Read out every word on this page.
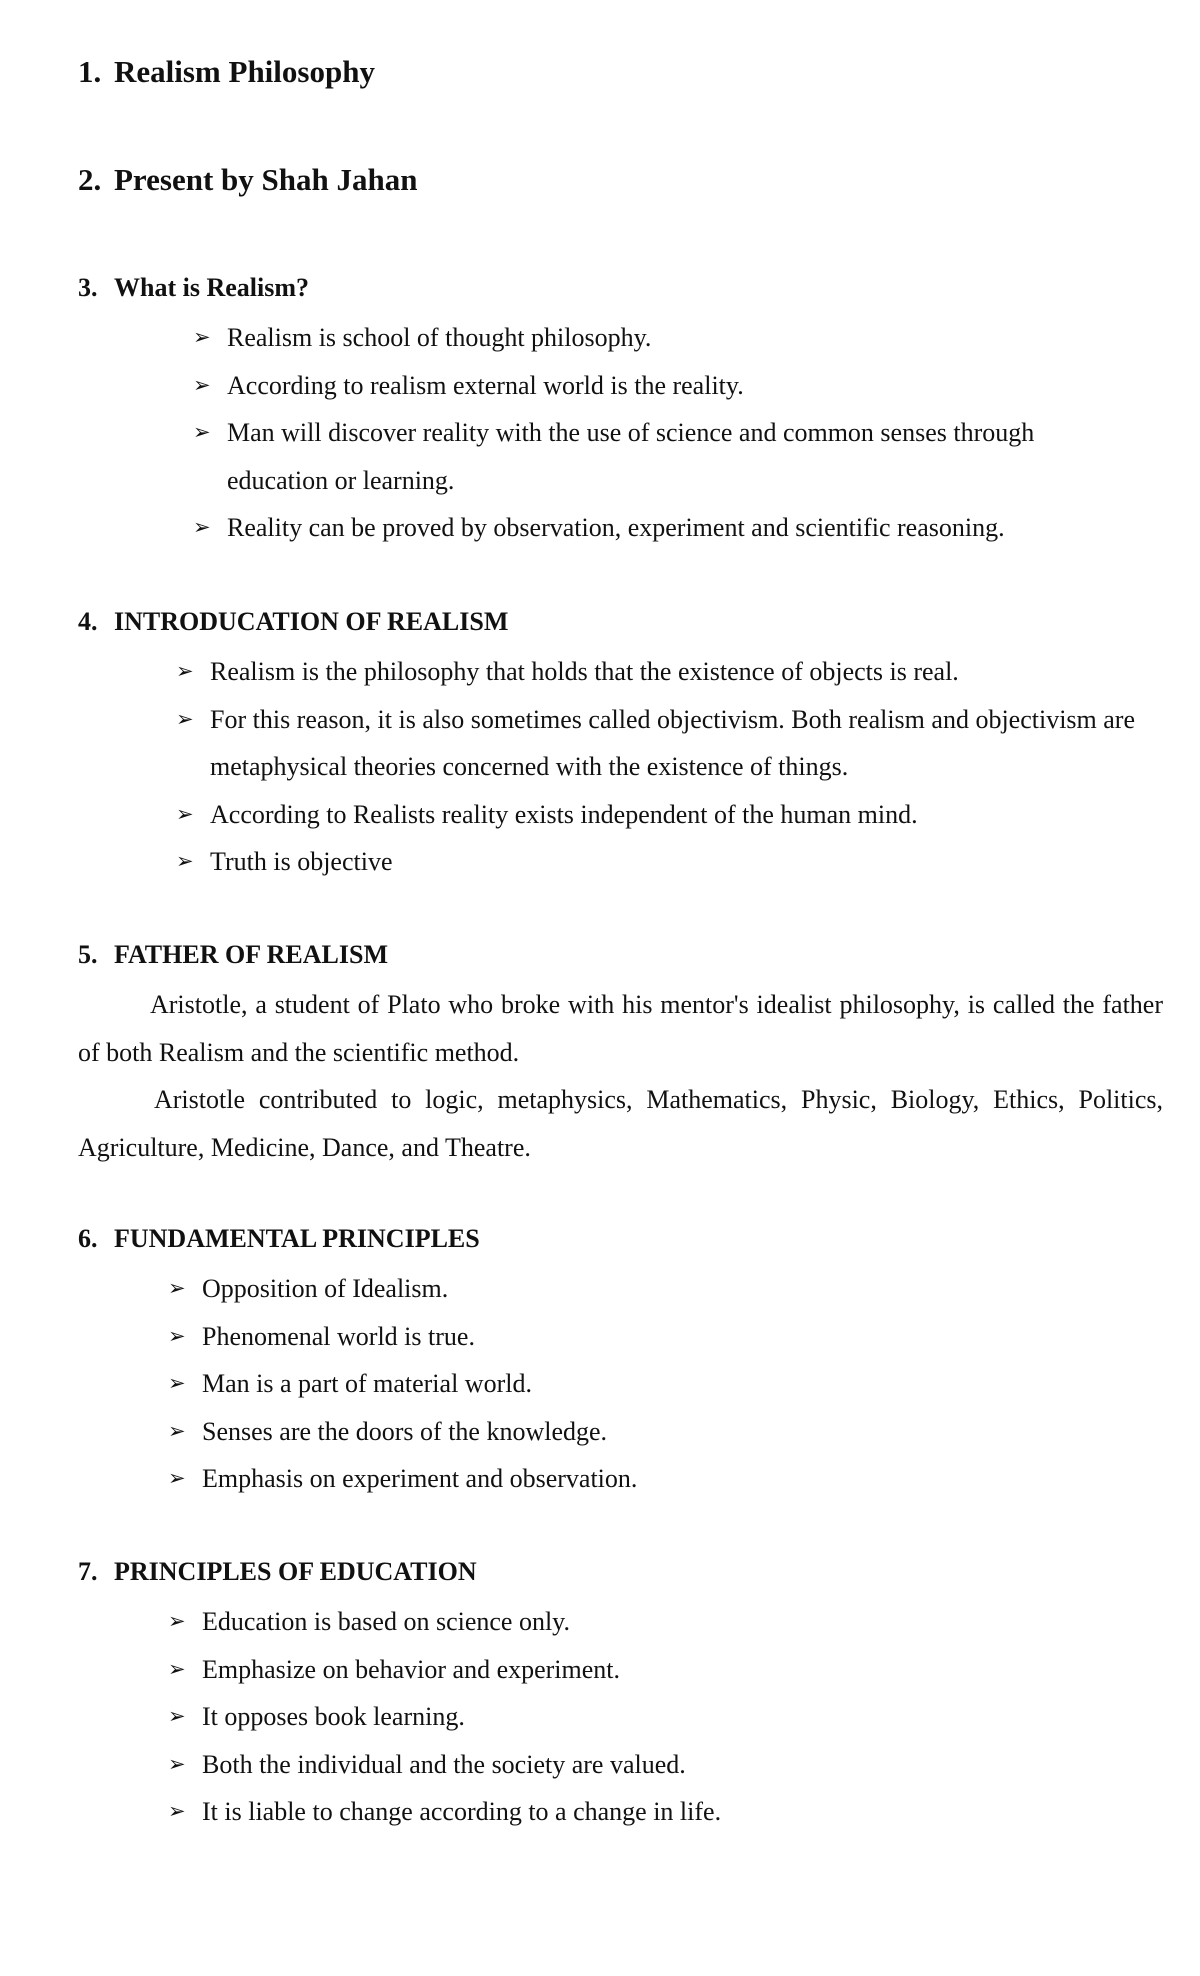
1. Realism Philosophy
2. Present by Shah Jahan
3. What is Realism?
➢ Realism is school of thought philosophy.
➢ According to realism external world is the reality.
➢ Man will discover reality with the use of science and common senses through education or learning.
➢ Reality can be proved by observation, experiment and scientific reasoning.
4. INTRODUCATION OF REALISM
➢ Realism is the philosophy that holds that the existence of objects is real.
➢ For this reason, it is also sometimes called objectivism. Both realism and objectivism are metaphysical theories concerned with the existence of things.
➢ According to Realists reality exists independent of the human mind.
➢ Truth is objective
5. FATHER OF REALISM

Aristotle, a student of Plato who broke with his mentor's idealist philosophy, is called the father of both Realism and the scientific method.

Aristotle contributed to logic, metaphysics, Mathematics, Physic, Biology, Ethics, Politics, Agriculture, Medicine, Dance, and Theatre.

6. FUNDAMENTAL PRINCIPLES
➢ Opposition of Idealism.
➢ Phenomenal world is true.
➢ Man is a part of material world.
➢ Senses are the doors of the knowledge.
➢ Emphasis on experiment and observation.
7. PRINCIPLES OF EDUCATION
➢ Education is based on science only.
➢ Emphasize on behavior and experiment.
➢ It opposes book learning.
➢ Both the individual and the society are valued.
➢ It is liable to change according to a change in life.
